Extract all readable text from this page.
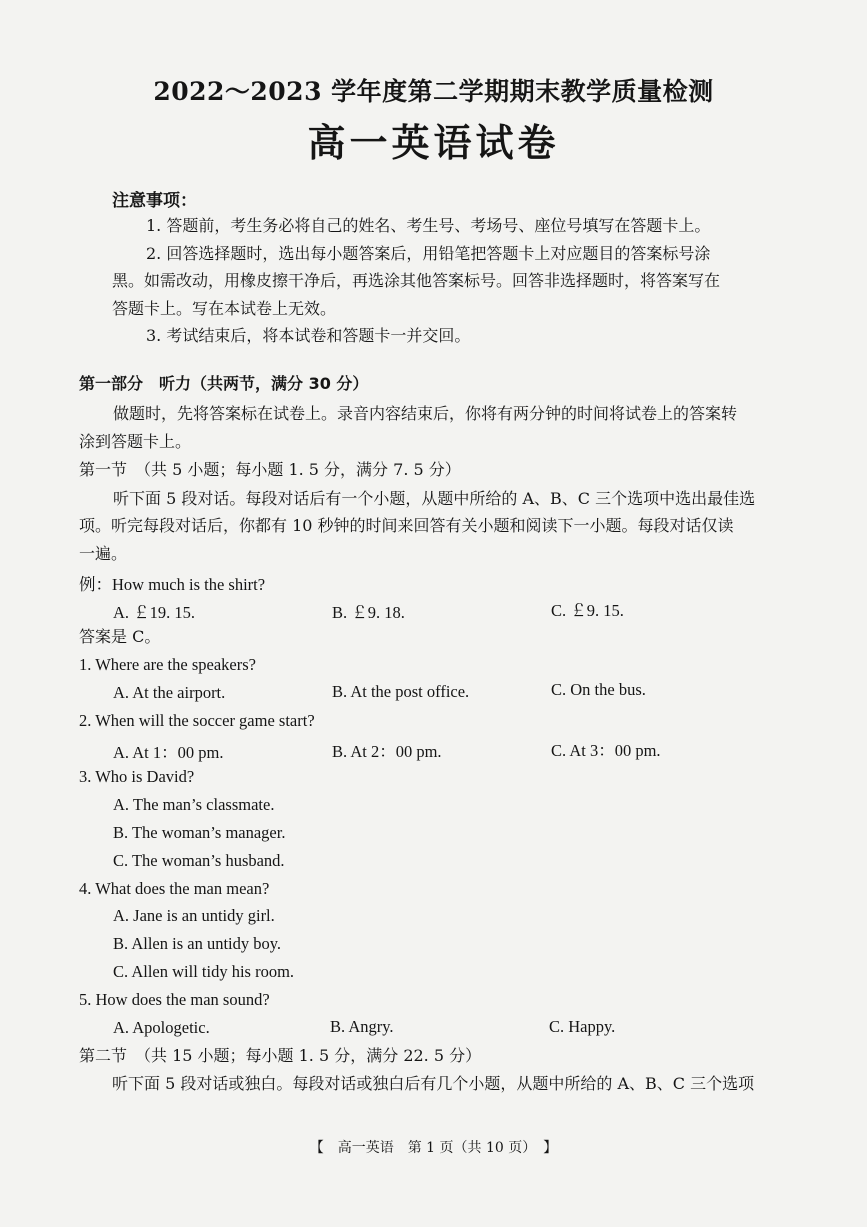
2022～2023 学年度第二学期期末教学质量检测
高一英语试卷
注意事项：
1. 答题前，考生务必将自己的姓名、考生号、考场号、座位号填写在答题卡上。
2. 回答选择题时，选出每小题答案后，用铅笔把答题卡上对应题目的答案标号涂
黑。如需改动，用橡皮擦干净后，再选涂其他答案标号。回答非选择题时，将答案写在
答题卡上。写在本试卷上无效。
3. 考试结束后，将本试卷和答题卡一并交回。
第一部分　听力（共两节，满分 30 分）
做题时，先将答案标在试卷上。录音内容结束后，你将有两分钟的时间将试卷上的答案转
涂到答题卡上。
第一节　（共 5 小题；每小题 1. 5 分，满分 7. 5 分）
听下面 5 段对话。每段对话后有一个小题，从题中所给的 A、B、C 三个选项中选出最佳选
项。听完每段对话后，你都有 10 秒钟的时间来回答有关小题和阅读下一小题。每段对话仅读
一遍。
例：How much is the shirt?
A. ￡19. 15.	B. ￡9. 18.	C. ￡9. 15.
答案是 C。
1. Where are the speakers?
A. At the airport.	B. At the post office.	C. On the bus.
2. When will the soccer game start?
A. At 1：00 pm.	B. At 2：00 pm.	C. At 3：00 pm.
3. Who is David?
A. The man’s classmate.
B. The woman’s manager.
C. The woman’s husband.
4. What does the man mean?
A. Jane is an untidy girl.
B. Allen is an untidy boy.
C. Allen will tidy his room.
5. How does the man sound?
A. Apologetic.	B. Angry.	C. Happy.
第二节　（共 15 小题；每小题 1. 5 分，满分 22. 5 分）
听下面 5 段对话或独白。每段对话或独白后有几个小题，从题中所给的 A、B、C 三个选项
【　高一英语　第 1 页（共 10 页）　】
